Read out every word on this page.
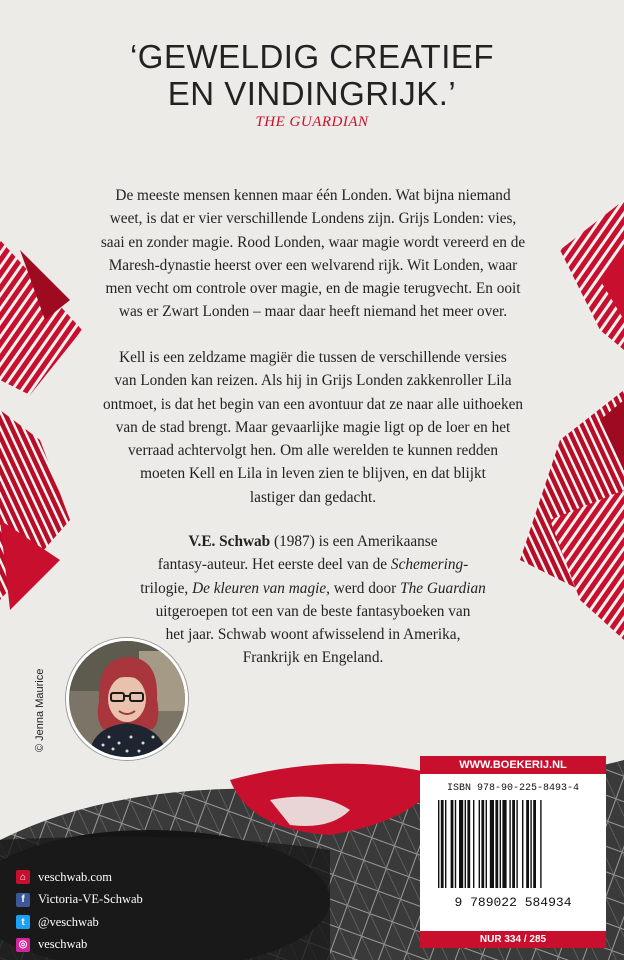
‘GEWELDIG CREATIEF
EN VINDINGRIJK.’
THE GUARDIAN
De meeste mensen kennen maar één Londen. Wat bijna niemand
weet, is dat er vier verschillende Londens zijn. Grijs Londen: vies,
saai en zonder magie. Rood Londen, waar magie wordt vereerd en de
Maresh-dynastie heerst over een welvarend rijk. Wit Londen, waar
men vecht om controle over magie, en de magie terugvecht. En ooit
was er Zwart Londen – maar daar heeft niemand het meer over.
Kell is een zeldzame magiër die tussen de verschillende versies
van Londen kan reizen. Als hij in Grijs Londen zakkenroller Lila
ontmoet, is dat het begin van een avontuur dat ze naar alle uithoeken
van de stad brengt. Maar gevaarlijke magie ligt op de loer en het
verraad achtervolgt hen. Om alle werelden te kunnen redden
moeten Kell en Lila in leven zien te blijven, en dat blijkt
lastiger dan gedacht.
V.E. Schwab (1987) is een Amerikaanse
fantasy-auteur. Het eerste deel van de Schemering-
trilogie, De kleuren van magie, werd door The Guardian
uitgeroepen tot een van de beste fantasyboeken van
het jaar. Schwab woont afwisselend in Amerika,
Frankrijk en Engeland.
© Jenna Maurice
⌂ veschwab.com
f	Victoria-VE-Schwab
t	@veschwab
◎ veschwab
WWW.BOEKERIJ.NL
ISBN 978-90-225-8493-4
9 789022 584934
NUR 334 / 285
